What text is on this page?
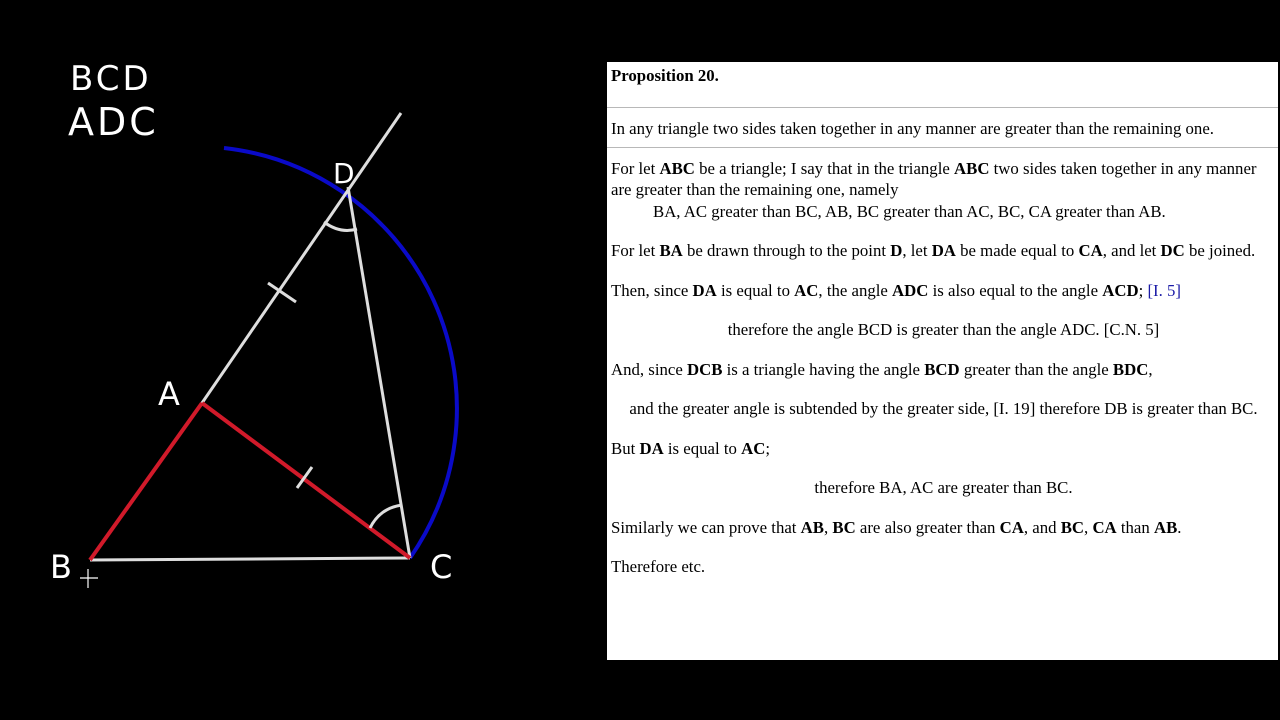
BCD
ADC
A
B	C
D

Proposition 20.

In any triangle two sides taken together in any manner are greater than the remaining one.

For let ABC be a triangle; I say that in the triangle ABC two sides taken together in any manner are greater than the remaining one, namely

BA, AC greater than BC, AB, BC greater than AC, BC, CA greater than AB.

For let BA be drawn through to the point D, let DA be made equal to CA, and let DC be joined.

Then, since DA is equal to AC, the angle ADC is also equal to the angle ACD; [I. 5]

therefore the angle BCD is greater than the angle ADC. [C.N. 5]

And, since DCB is a triangle having the angle BCD greater than the angle BDC,

and the greater angle is subtended by the greater side, [I. 19] therefore DB is greater than BC.

But DA is equal to AC;

therefore BA, AC are greater than BC.

Similarly we can prove that AB, BC are also greater than CA, and BC, CA than AB.

Therefore etc.
